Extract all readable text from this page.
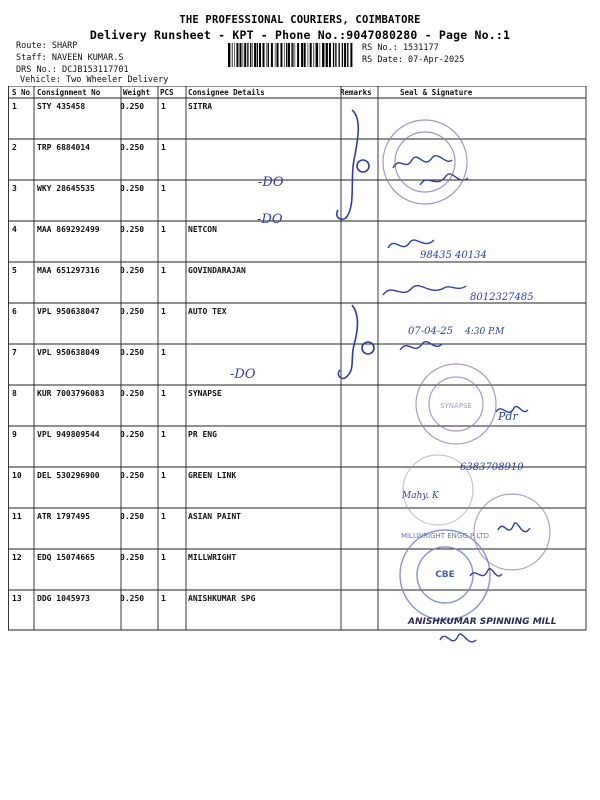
THE PROFESSIONAL COURIERS, COIMBATORE
Delivery Runsheet - KPT - Phone No.:9047080280 - Page No.:1
Route: SHARP
Staff: NAVEEN KUMAR.S
DRS No.: DCJB153117701
Vehicle: Two Wheeler Delivery
RS No.: 1531177
RS Date: 07-Apr-2025
S No Consignment No	Weight PCS Consignee Details	Remarks	Seal & Signature
1	STY 435458	0.250 1	SITRA
2	TRP 6884014	0.250 1
3	WKY 28645535	0.250 1
4	MAA 869292499	0.250 1	NETCON
5	MAA 651297316	0.250 1	GOVINDARAJAN
6	VPL 950638047	0.250 1	AUTO TEX
7	VPL 950638049	0.250 1
8	KUR 7003796083 0.250 1	SYNAPSE
9	VPL 949809544	0.250 1	PR ENG
10 DEL 530296900	0.250 1	GREEN LINK
11 ATR 1797495	0.250 1	ASIAN PAINT
12 EDQ 15074665	0.250 1	MILLWRIGHT
13 DDG 1045973	0.250 1	ANISHKUMAR SPG
SYNAPSE
CBE
MILLWRIGHT ENGG P LTD
-DO
-DO
-DO
98435 40134
8012327485
07-04-25 4:30 P.M
Pdr
6383708910
Mahy. K
ANISHKUMAR SPINNING MILL
